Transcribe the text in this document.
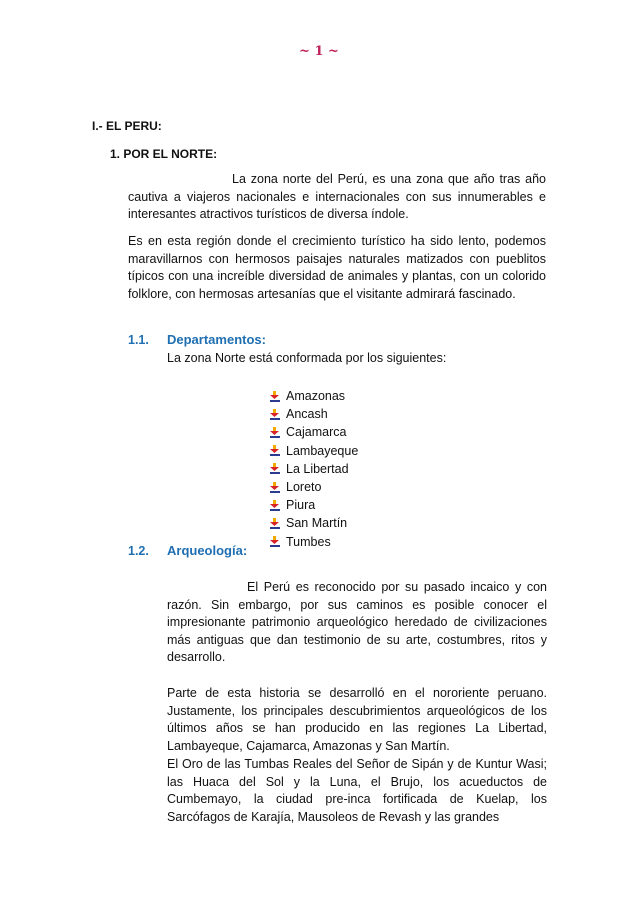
~ 1 ~
I.- EL PERU:
1. POR EL NORTE:
La zona norte del Perú, es una zona que año tras año cautiva a viajeros nacionales e internacionales con sus innumerables e interesantes atractivos turísticos de diversa índole.
Es en esta región donde el crecimiento turístico ha sido lento, podemos maravillarnos con hermosos paisajes naturales matizados con pueblitos típicos con una increíble diversidad de animales y plantas, con un colorido folklore, con hermosas artesanías que el visitante admirará fascinado.
1.1. Departamentos:
La zona Norte está conformada por los siguientes:
Amazonas
Ancash
Cajamarca
Lambayeque
La Libertad
Loreto
Piura
San Martín
Tumbes
1.2. Arqueología:
El Perú es reconocido por su pasado incaico y con razón. Sin embargo, por sus caminos es posible conocer el impresionante patrimonio arqueológico heredado de civilizaciones más antiguas que dan testimonio de su arte, costumbres, ritos y desarrollo.
Parte de esta historia se desarrolló en el nororiente peruano. Justamente, los principales descubrimientos arqueológicos de los últimos años se han producido en las regiones La Libertad, Lambayeque, Cajamarca, Amazonas y San Martín.
El Oro de las Tumbas Reales del Señor de Sipán y de Kuntur Wasi; las Huaca del Sol y la Luna, el Brujo, los acueductos de Cumbemayo, la ciudad pre-inca fortificada de Kuelap, los Sarcófagos de Karajía, Mausoleos de Revash y las grandes
